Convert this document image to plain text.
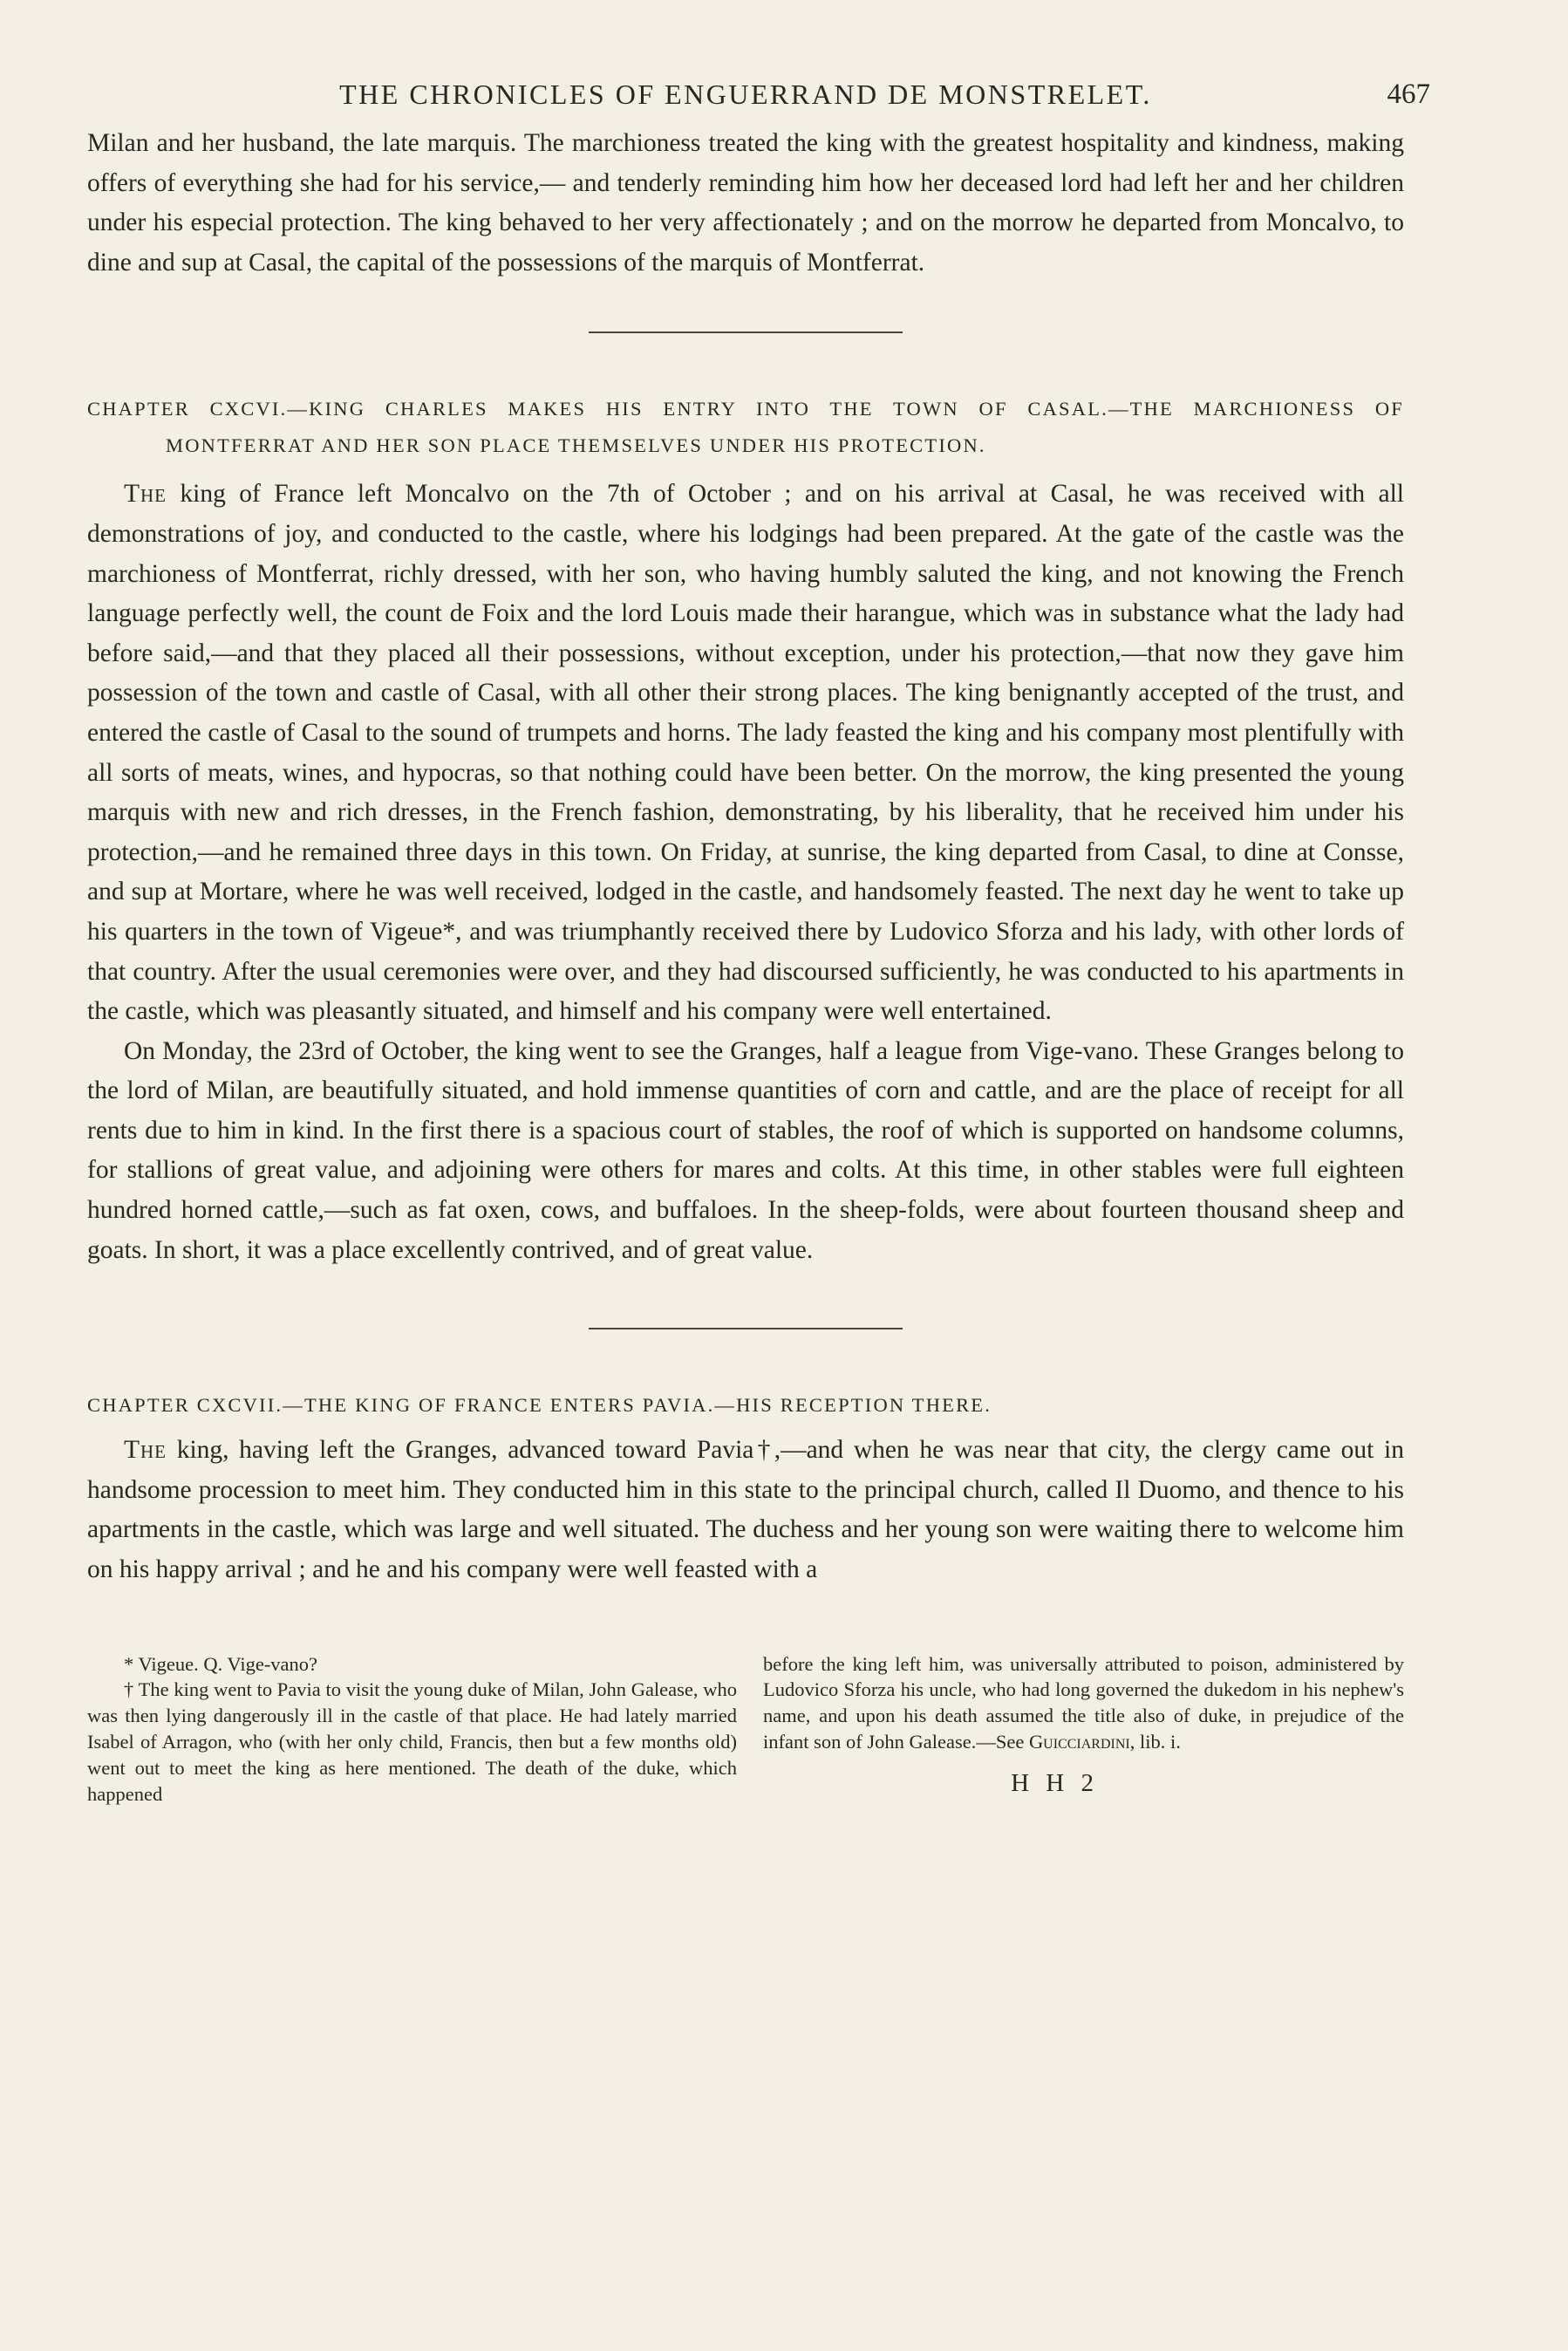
THE CHRONICLES OF ENGUERRAND DE MONSTRELET.	467

Milan and her husband, the late marquis. The marchioness treated the king with the greatest hospitality and kindness, making offers of everything she had for his service,— and tenderly reminding him how her deceased lord had left her and her children under his especial protection. The king behaved to her very affectionately ; and on the morrow he departed from Moncalvo, to dine and sup at Casal, the capital of the possessions of the marquis of Montferrat.

CHAPTER CXCVI.—KING CHARLES MAKES HIS ENTRY INTO THE TOWN OF CASAL.—THE MARCHIONESS OF MONTFERRAT AND HER SON PLACE THEMSELVES UNDER HIS PROTECTION.

The king of France left Moncalvo on the 7th of October ; and on his arrival at Casal, he was received with all demonstrations of joy, and conducted to the castle, where his lodgings had been prepared. At the gate of the castle was the marchioness of Montferrat, richly dressed, with her son, who having humbly saluted the king, and not knowing the French language perfectly well, the count de Foix and the lord Louis made their harangue, which was in substance what the lady had before said,—and that they placed all their possessions, without exception, under his protection,—that now they gave him possession of the town and castle of Casal, with all other their strong places. The king benignantly accepted of the trust, and entered the castle of Casal to the sound of trumpets and horns. The lady feasted the king and his company most plentifully with all sorts of meats, wines, and hypocras, so that nothing could have been better. On the morrow, the king presented the young marquis with new and rich dresses, in the French fashion, demonstrating, by his liberality, that he received him under his protection,—and he remained three days in this town. On Friday, at sunrise, the king departed from Casal, to dine at Consse, and sup at Mortare, where he was well received, lodged in the castle, and handsomely feasted. The next day he went to take up his quarters in the town of Vigeue*, and was triumphantly received there by Ludovico Sforza and his lady, with other lords of that country. After the usual ceremonies were over, and they had discoursed sufficiently, he was conducted to his apartments in the castle, which was pleasantly situated, and himself and his company were well entertained.

On Monday, the 23rd of October, the king went to see the Granges, half a league from Vige-vano. These Granges belong to the lord of Milan, are beautifully situated, and hold immense quantities of corn and cattle, and are the place of receipt for all rents due to him in kind. In the first there is a spacious court of stables, the roof of which is supported on handsome columns, for stallions of great value, and adjoining were others for mares and colts. At this time, in other stables were full eighteen hundred horned cattle,—such as fat oxen, cows, and buffaloes. In the sheep-folds, were about fourteen thousand sheep and goats. In short, it was a place excellently contrived, and of great value.

CHAPTER CXCVII.—THE KING OF FRANCE ENTERS PAVIA.—HIS RECEPTION THERE.

The king, having left the Granges, advanced toward Pavia†,—and when he was near that city, the clergy came out in handsome procession to meet him. They conducted him in this state to the principal church, called Il Duomo, and thence to his apartments in the castle, which was large and well situated. The duchess and her young son were waiting there to welcome him on his happy arrival ; and he and his company were well feasted with a

* Vigeue. Q. Vige-vano?

† The king went to Pavia to visit the young duke of Milan, John Galease, who was then lying dangerously ill in the castle of that place. He had lately married Isabel of Arragon, who (with her only child, Francis, then but a few months old) went out to meet the king as here mentioned. The death of the duke, which happened

before the king left him, was universally attributed to poison, administered by Ludovico Sforza his uncle, who had long governed the dukedom in his nephew's name, and upon his death assumed the title also of duke, in prejudice of the infant son of John Galease.—See Guicciardini, lib. i.

H H 2
